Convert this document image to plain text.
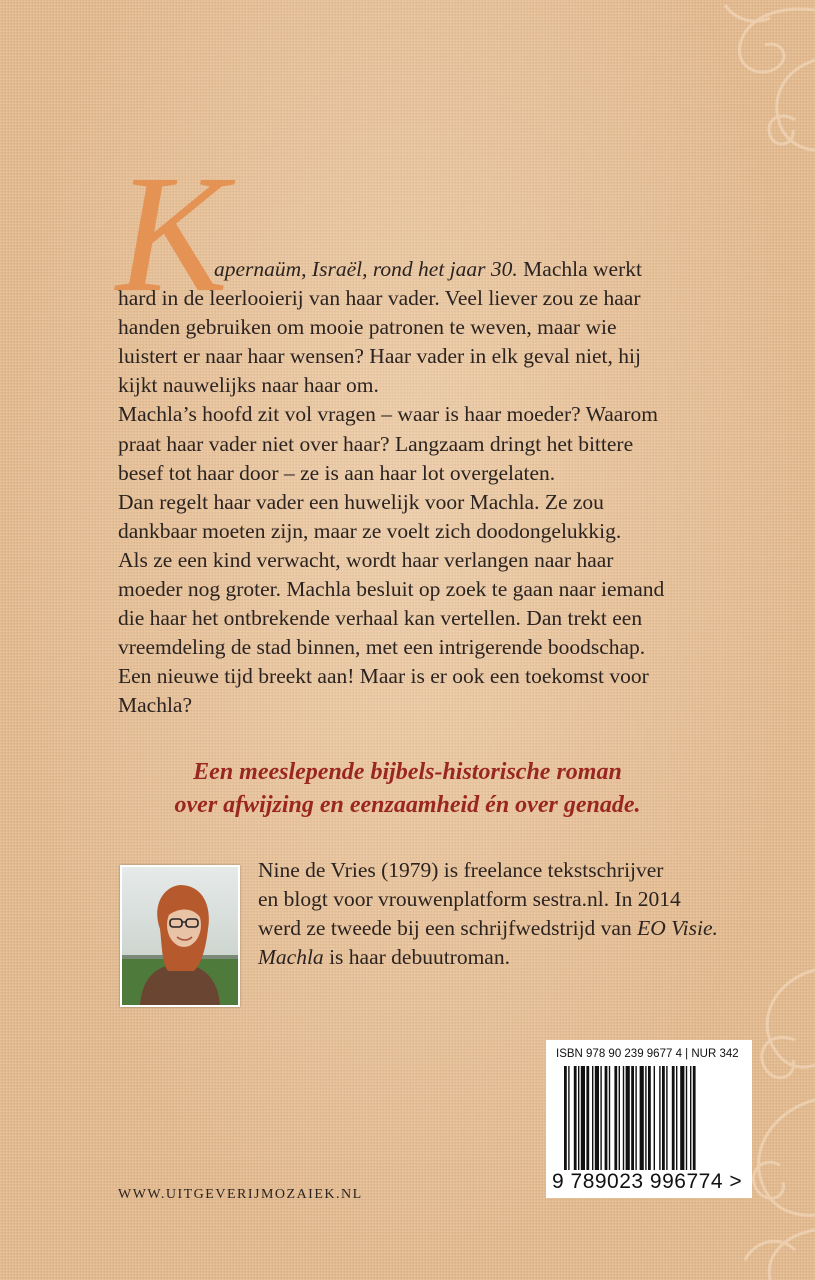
K

apernaüm, Israël, rond het jaar 30. Machla werkt

hard in de leerlooierij van haar vader. Veel liever zou ze haar

handen gebruiken om mooie patronen te weven, maar wie

luistert er naar haar wensen? Haar vader in elk geval niet, hij

kijkt nauwelijks naar haar om.

Machla’s hoofd zit vol vragen – waar is haar moeder? Waarom

praat haar vader niet over haar? Langzaam dringt het bittere

besef tot haar door – ze is aan haar lot overgelaten.

Dan regelt haar vader een huwelijk voor Machla. Ze zou

dankbaar moeten zijn, maar ze voelt zich doodongelukkig.

Als ze een kind verwacht, wordt haar verlangen naar haar

moeder nog groter. Machla besluit op zoek te gaan naar iemand

die haar het ontbrekende verhaal kan vertellen. Dan trekt een

vreemdeling de stad binnen, met een intrigerende boodschap.

Een nieuwe tijd breekt aan! Maar is er ook een toekomst voor

Machla?

Een meeslepende bijbels-historische roman

over afwijzing en eenzaamheid én over genade.

Nine de Vries (1979) is freelance tekstschrijver

en blogt voor vrouwenplatform sestra.nl. In 2014

werd ze tweede bij een schrijfwedstrijd van EO Visie.

Machla is haar debuutroman.

ISBN 978 90 239 9677 4 | NUR 342
9 789023 996774 >
WWW.UITGEVERIJMOZAIEK.NL
